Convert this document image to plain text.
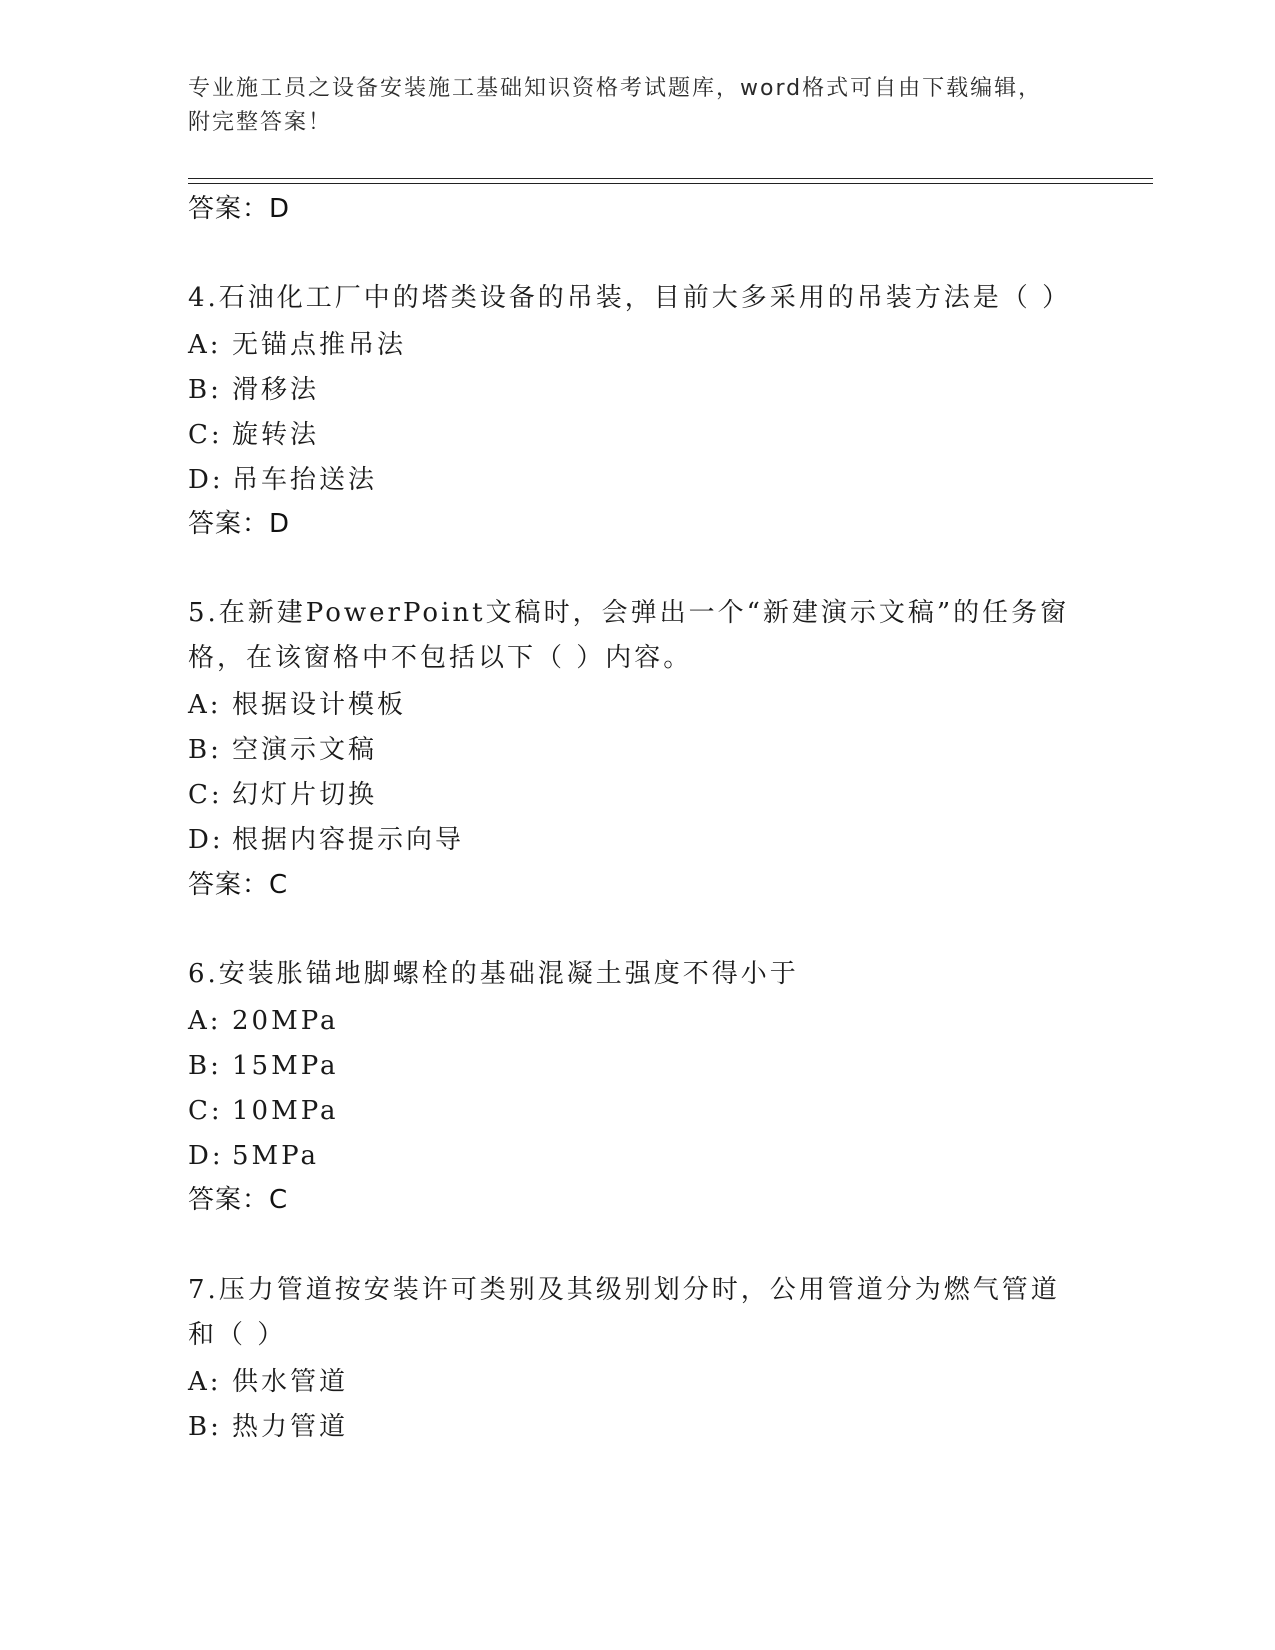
专业施工员之设备安装施工基础知识资格考试题库，word格式可自由下载编辑，
附完整答案！
答案：D
4.石油化工厂中的塔类设备的吊装，目前大多采用的吊装方法是（ ）
A: 无锚点推吊法
B: 滑移法
C: 旋转法
D: 吊车抬送法
答案：D
5.在新建PowerPoint文稿时，会弹出一个“新建演示文稿”的任务窗
格，在该窗格中不包括以下（ ）内容。
A: 根据设计模板
B: 空演示文稿
C: 幻灯片切换
D: 根据内容提示向导
答案：C
6.安装胀锚地脚螺栓的基础混凝土强度不得小于
A: 20MPa
B: 15MPa
C: 10MPa
D: 5MPa
答案：C
7.压力管道按安装许可类别及其级别划分时，公用管道分为燃气管道
和（ ）
A: 供水管道
B: 热力管道
